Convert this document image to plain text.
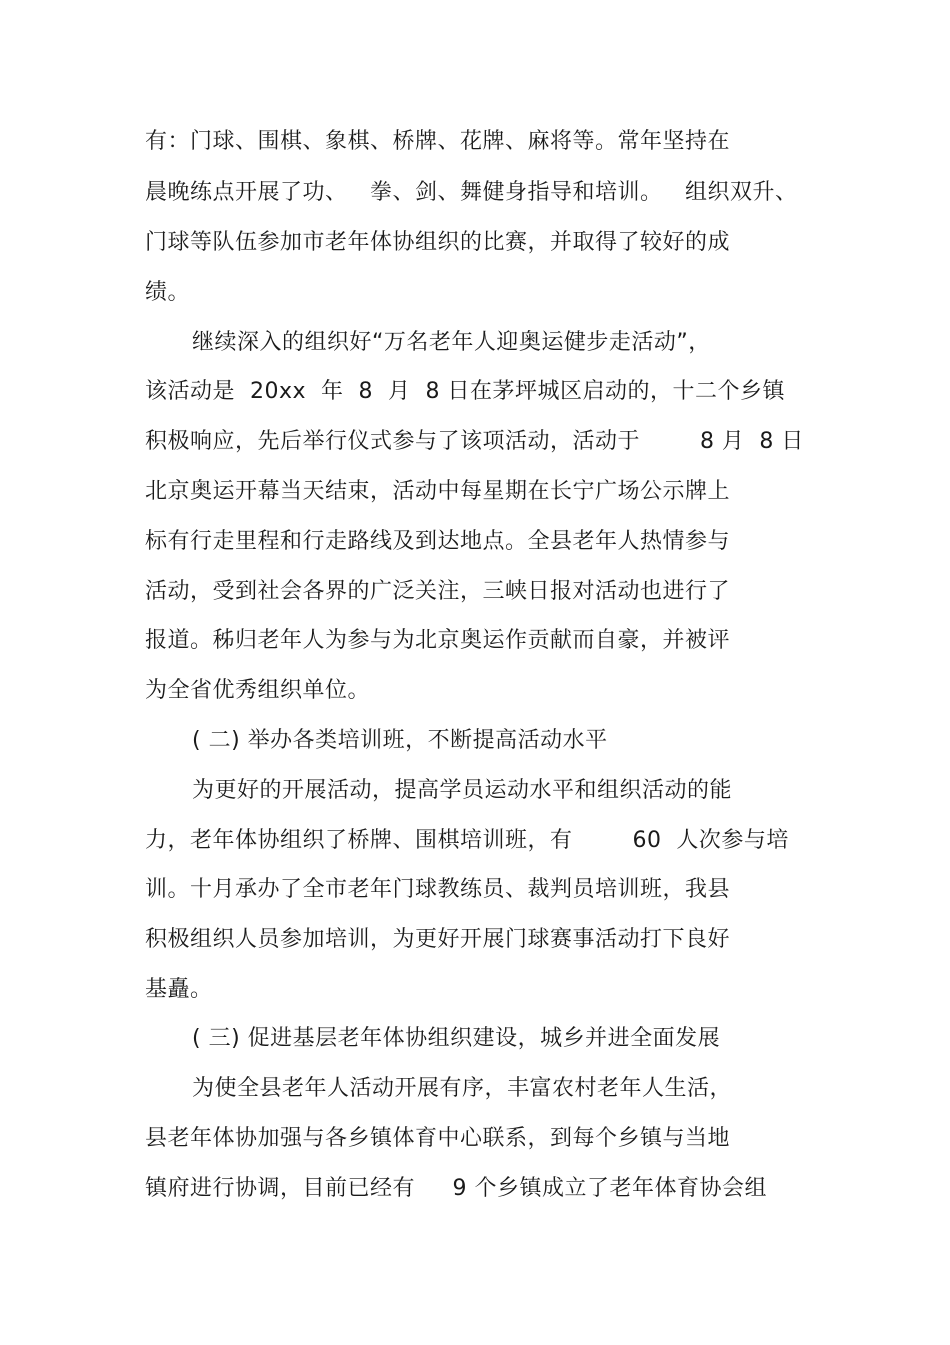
有：门球、围棋、象棋、桥牌、花牌、麻将等。常年坚持在
晨晚练点开展了功、   拳、剑、舞健身指导和培训。   组织双升、
门球等队伍参加市老年体协组织的比赛，并取得了较好的成
绩。
继续深入的组织好“万名老年人迎奥运健步走活动”，
该活动是  20xx  年  8  月  8 日在茅坪城区启动的，十二个乡镇
积极响应，先后举行仪式参与了该项活动，活动于        8 月  8 日
北京奥运开幕当天结束，活动中每星期在长宁广场公示牌上
标有行走里程和行走路线及到达地点。全县老年人热情参与
活动，受到社会各界的广泛关注，三峡日报对活动也进行了
报道。秭归老年人为参与为北京奥运作贡献而自豪，并被评
为全省优秀组织单位。
( 二) 举办各类培训班，不断提高活动水平
为更好的开展活动，提高学员运动水平和组织活动的能
力，老年体协组织了桥牌、围棋培训班，有        60  人次参与培
训。十月承办了全市老年门球教练员、裁判员培训班，我县
积极组织人员参加培训，为更好开展门球赛事活动打下良好
基矗。
( 三) 促进基层老年体协组织建设，城乡并进全面发展
为使全县老年人活动开展有序，丰富农村老年人生活，
县老年体协加强与各乡镇体育中心联系，到每个乡镇与当地
镇府进行协调，目前已经有     9 个乡镇成立了老年体育协会组
